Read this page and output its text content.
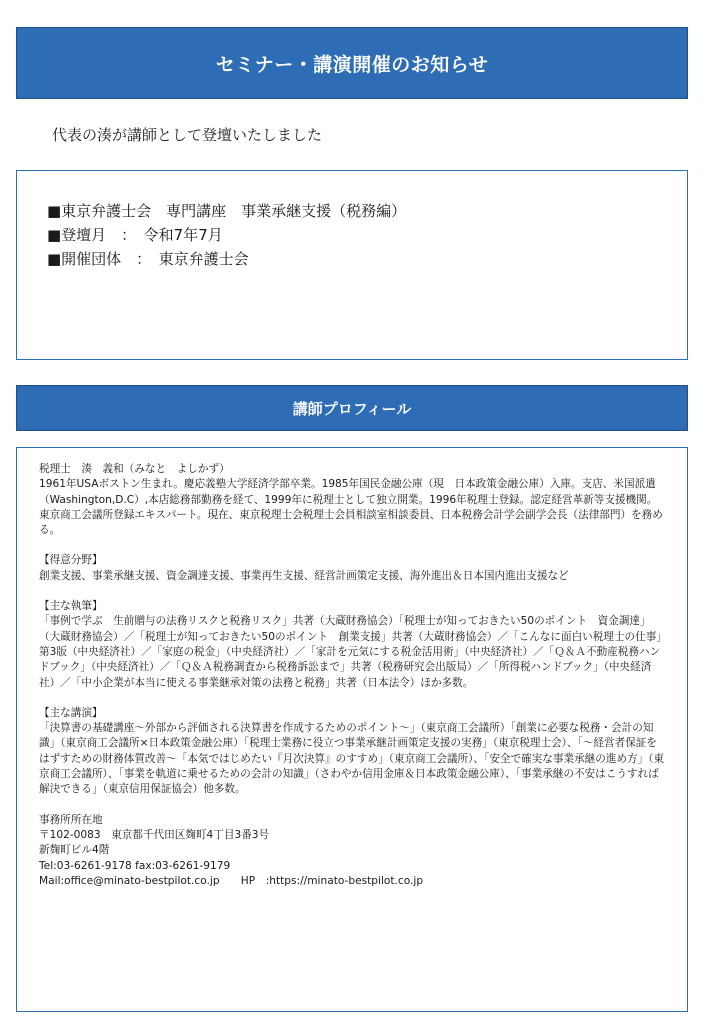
セミナー・講演開催のお知らせ
代表の湊が講師として登壇いたしました
■東京弁護士会　専門講座　事業承継支援（税務編）
■登壇月　：　令和7年7月
■開催団体　：　東京弁護士会
講師プロフィール
税理士　湊　義和（みなと　よしかず）
1961年USAボストン生まれ。慶応義塾大学経済学部卒業。1985年国民金融公庫（現　日本政策金融公庫）入庫。支店、米国派遣（Washington,D.C）,本店総務部勤務を経て、1999年に税理士として独立開業。1996年税理士登録。認定経営革新等支援機関。東京商工会議所登録エキスパート。現在、東京税理士会税理士会員相談室相談委員、日本税務会計学会副学会長（法律部門）を務める。
【得意分野】
創業支援、事業承継支援、資金調達支援、事業再生支援、経営計画策定支援、海外進出＆日本国内進出支援など
【主な執筆】
「事例で学ぶ　生前贈与の法務リスクと税務リスク」共著（大蔵財務協会）「税理士が知っておきたい50のポイント　資金調達」（大蔵財務協会）／「税理士が知っておきたい50のポイント　創業支援」共著（大蔵財務協会）／「こんなに面白い税理士の仕事」第3版（中央経済社）／「家庭の税金」（中央経済社）／「家計を元気にする税金活用術」（中央経済社）／「Ｑ＆Ａ不動産税務ハンドブック」（中央経済社）／「Ｑ＆Ａ税務調査から税務訴訟まで」共著（税務研究会出版局）／「所得税ハンドブック」（中央経済社）／「中小企業が本当に使える事業継承対策の法務と税務」共著（日本法令）ほか多数。
【主な講演】
「決算書の基礎講座～外部から評価される決算書を作成するためのポイント～」（東京商工会議所）「創業に必要な税務・会計の知識」（東京商工会議所×日本政策金融公庫）「税理士業務に役立つ事業承継計画策定支援の実務」（東京税理士会）、「～経営者保証をはずすための財務体質改善～「本気ではじめたい『月次決算』のすすめ」（東京商工会議所）、「安全で確実な事業承継の進め方」（東京商工会議所）、「事業を軌道に乗せるための会計の知識」（さわやか信用金庫＆日本政策金融公庫）、「事業承継の不安はこうすれば解決できる」（東京信用保証協会）他多数。
事務所所在地
〒102-0083　東京都千代田区麹町4丁目3番3号
新麹町ビル4階
Tel:03-6261-9178 fax:03-6261-9179
Mail:office@minato-bestpilot.co.jp　　HP　:https://minato-bestpilot.co.jp
